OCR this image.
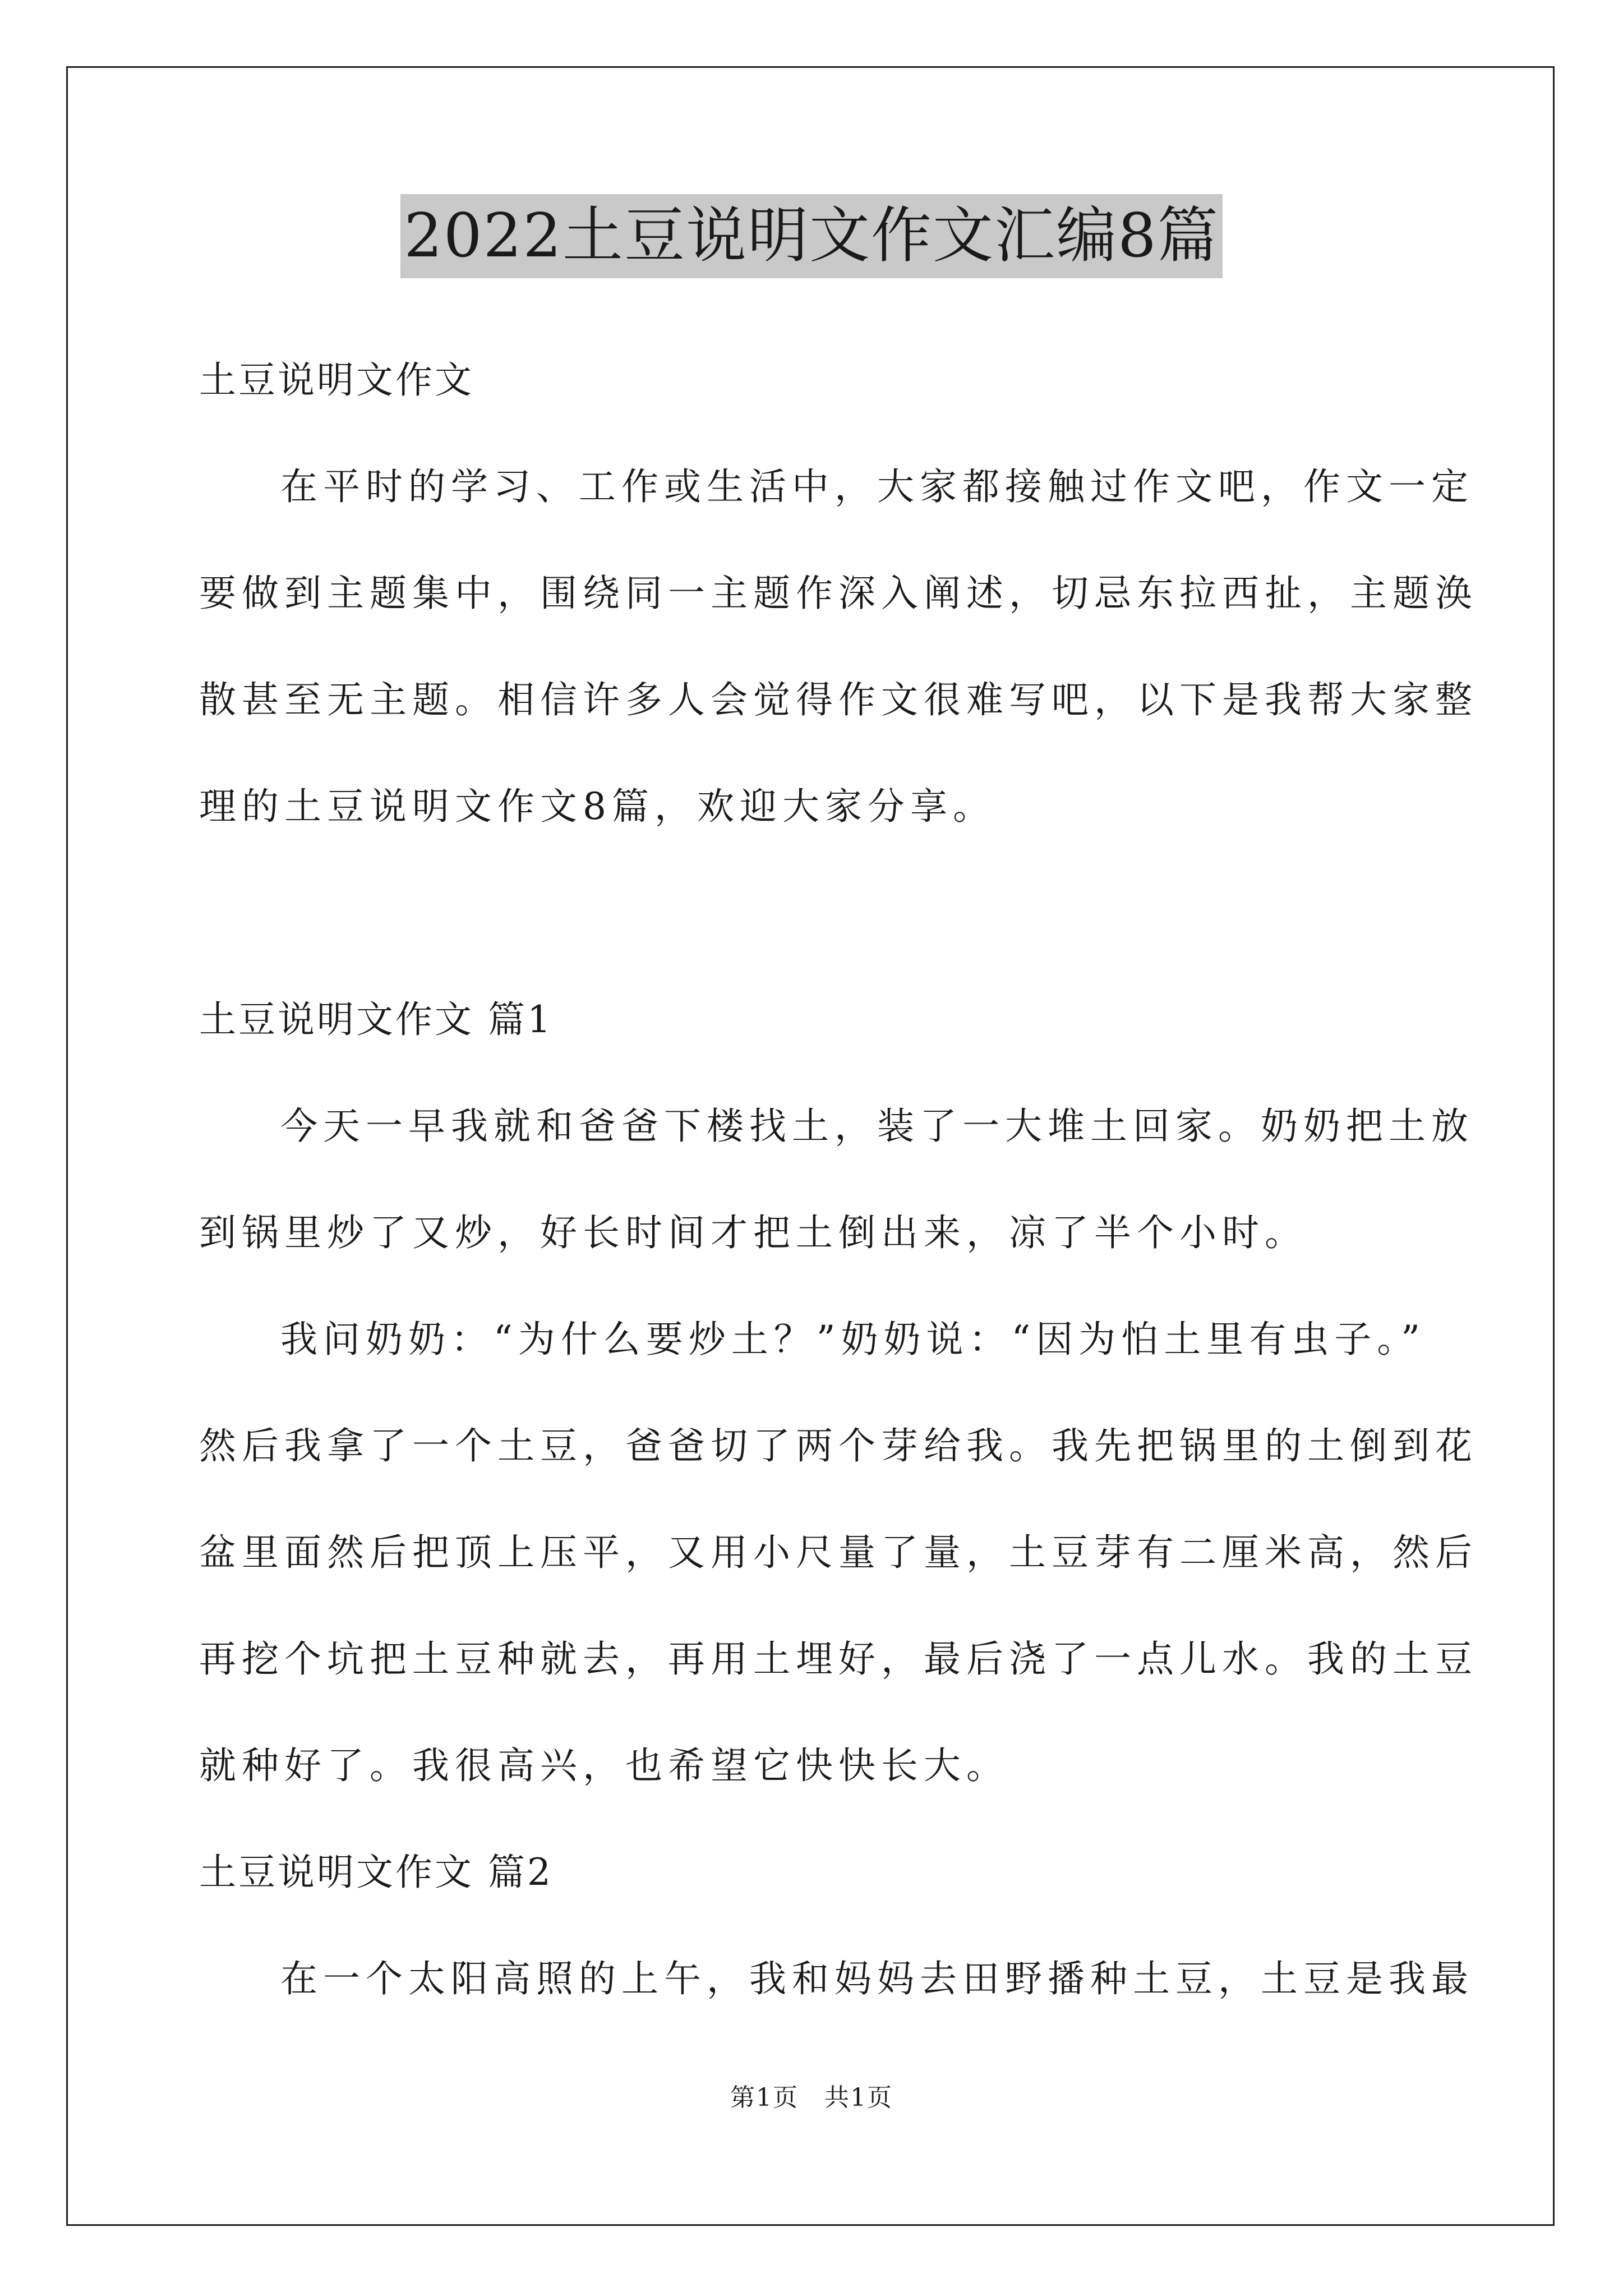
2022土豆说明文作文汇编8篇
土豆说明文作文
在平时的学习、工作或生活中，大家都接触过作文吧，作文一定
要做到主题集中，围绕同一主题作深入阐述，切忌东拉西扯，主题涣
散甚至无主题。相信许多人会觉得作文很难写吧，以下是我帮大家整
理的土豆说明文作文8篇，欢迎大家分享。
土豆说明文作文 篇1
今天一早我就和爸爸下楼找土，装了一大堆土回家。奶奶把土放
到锅里炒了又炒，好长时间才把土倒出来，凉了半个小时。
我问奶奶：“为什么要炒土？”奶奶说：“因为怕土里有虫子。”
然后我拿了一个土豆，爸爸切了两个芽给我。我先把锅里的土倒到花
盆里面然后把顶上压平，又用小尺量了量，土豆芽有二厘米高，然后
再挖个坑把土豆种就去，再用土埋好，最后浇了一点儿水。我的土豆
就种好了。我很高兴，也希望它快快长大。
土豆说明文作文 篇2
在一个太阳高照的上午，我和妈妈去田野播种土豆，土豆是我最
第1页　共1页
